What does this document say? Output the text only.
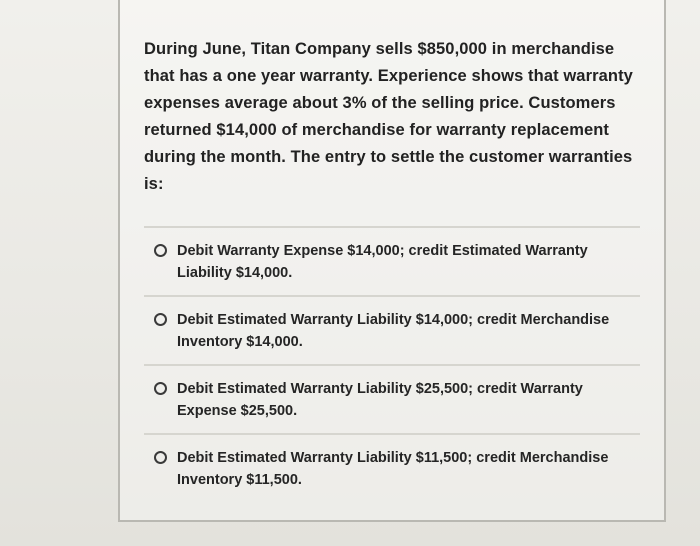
During June, Titan Company sells $850,000 in merchandise that has a one year warranty. Experience shows that warranty expenses average about 3% of the selling price. Customers returned $14,000 of merchandise for warranty replacement during the month. The entry to settle the customer warranties is:
Debit Warranty Expense $14,000; credit Estimated Warranty Liability $14,000.
Debit Estimated Warranty Liability $14,000; credit Merchandise Inventory $14,000.
Debit Estimated Warranty Liability $25,500; credit Warranty Expense $25,500.
Debit Estimated Warranty Liability $11,500; credit Merchandise Inventory $11,500.
